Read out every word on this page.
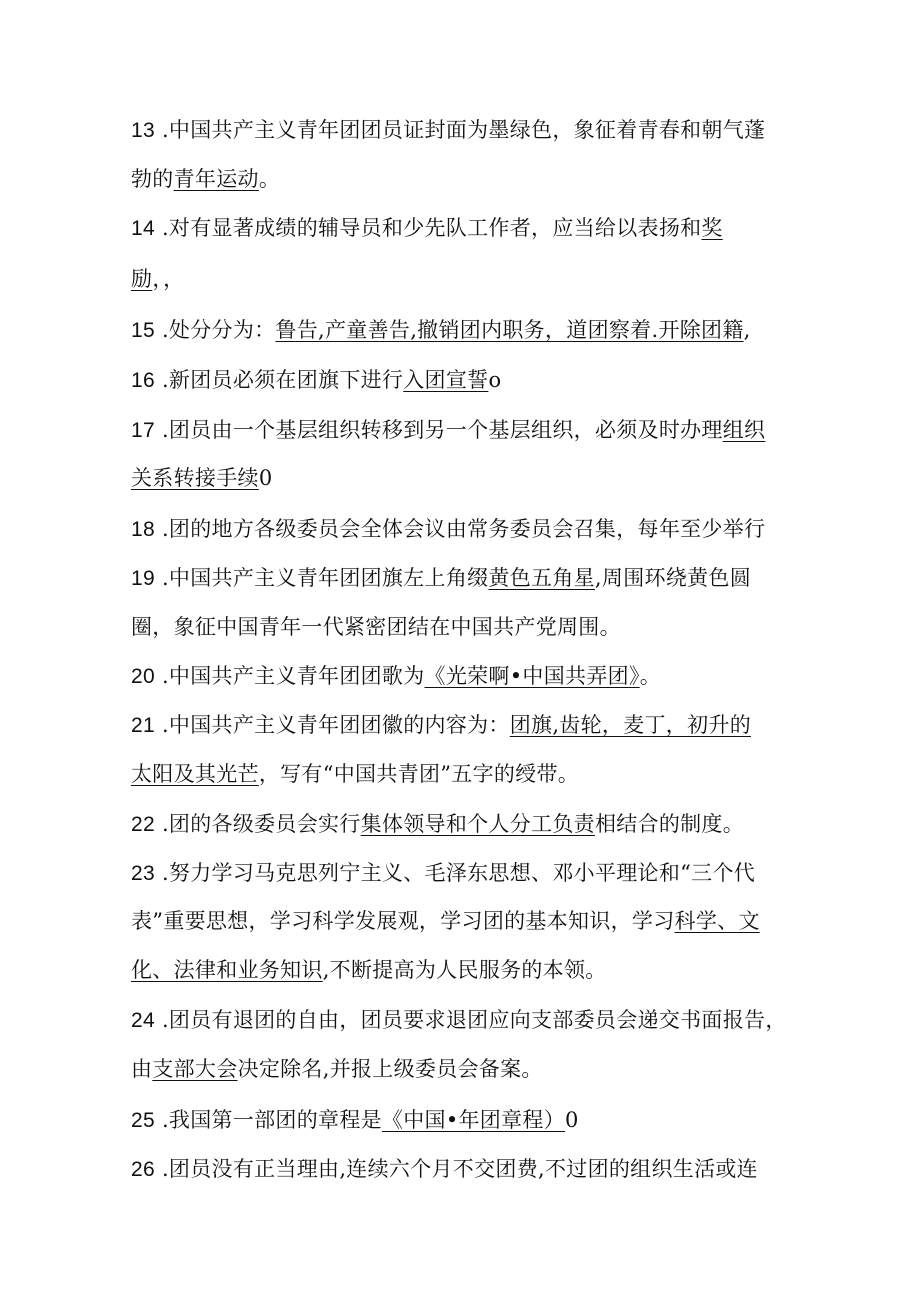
13 .中国共产主义青年团团员证封面为墨绿色，象征着青春和朝气蓬
勃的青年运动。
14 .对有显著成绩的辅导员和少先队工作者，应当给以表扬和奖
励，，
15 .处分分为：鲁告,产童善告,撤销团内职务，道团察着.开除团籍,
16 .新团员必须在团旗下进行入团宣誓o
17 .团员由一个基层组织转移到另一个基层组织，必须及时办理组织
关系转接手续0
18 .团的地方各级委员会全体会议由常务委员会召集，每年至少举行
19 .中国共产主义青年团团旗左上角缀黄色五角星,周围环绕黄色圆
圈，象征中国青年一代紧密团结在中国共产党周围。
20 .中国共产主义青年团团歌为《光荣啊•中国共弄团》。
21 .中国共产主义青年团团徽的内容为：团旗,齿轮，麦丁，初升的
太阳及其光芒，写有“中国共青团”五字的绶带。
22 .团的各级委员会实行集体领导和个人分工负责相结合的制度。
23 .努力学习马克思列宁主义、毛泽东思想、邓小平理论和“三个代
表”重要思想，学习科学发展观，学习团的基本知识，学习科学、文
化、法律和业务知识,不断提高为人民服务的本领。
24 .团员有退团的自由，团员要求退团应向支部委员会递交书面报告，
由支部大会决定除名,并报上级委员会备案。
25 .我国第一部团的章程是《中国•年团章程）0
26 .团员没有正当理由,连续六个月不交团费,不过团的组织生活或连
